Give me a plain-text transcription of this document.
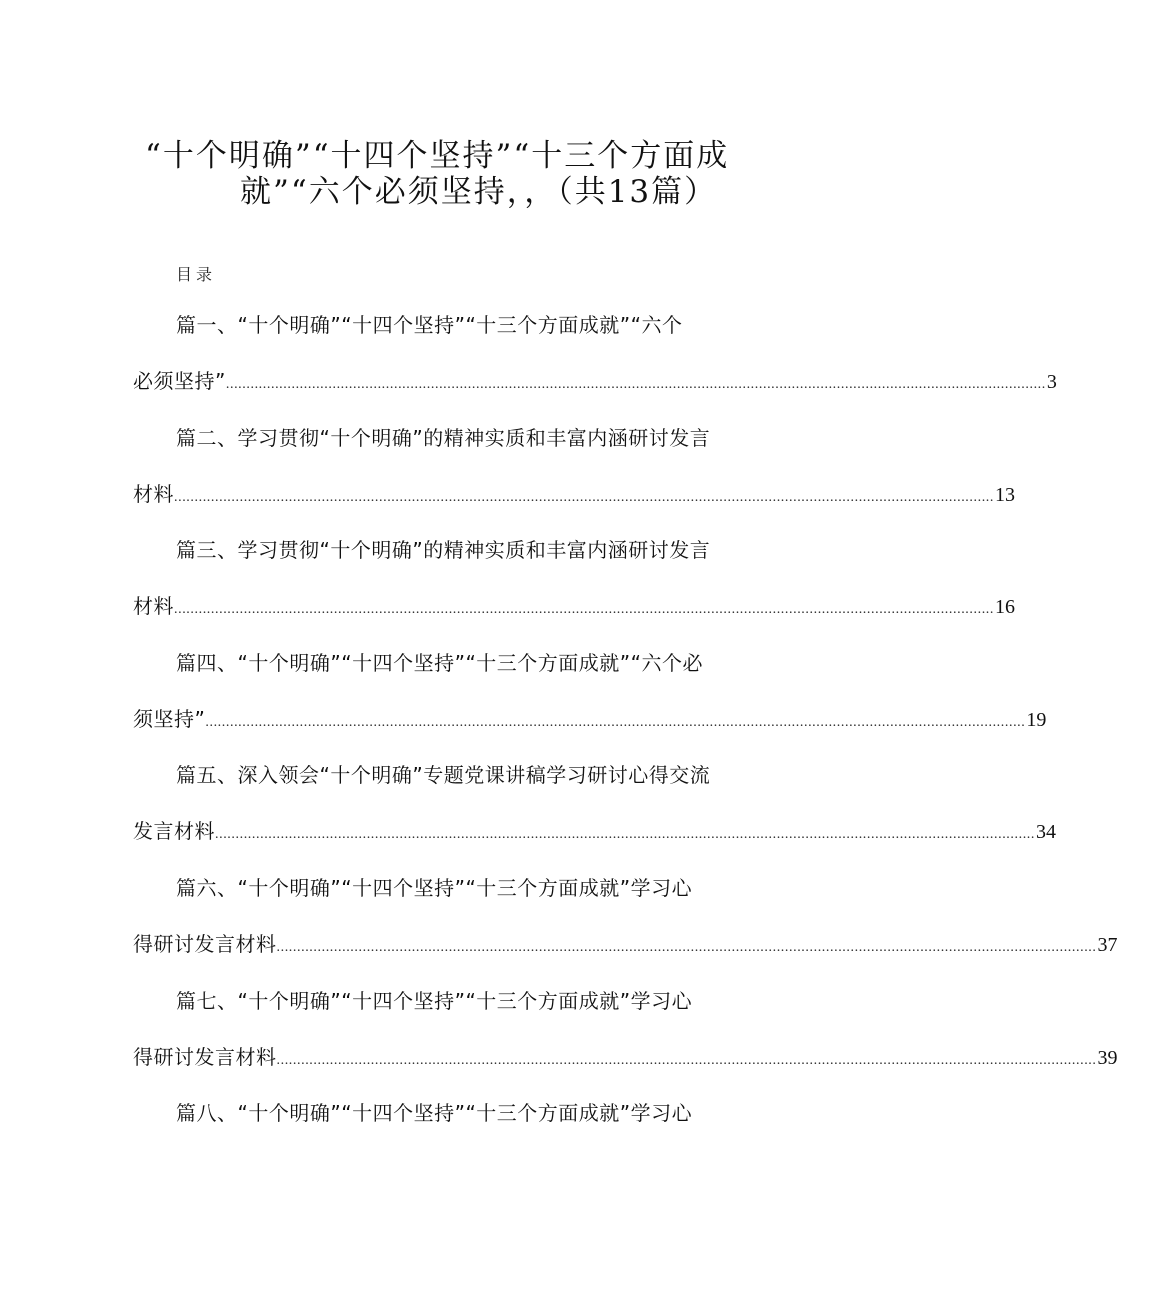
“十个明确”“十四个坚持”“十三个方面成
就”“六个必须坚持，，（共13篇）
目录
篇一、“十个明确”“十四个坚持”“十三个方面成就”“六个
必须坚持” ........................................................................................................................................................................................................ 3
篇二、学习贯彻“十个明确”的精神实质和丰富内涵研讨发言
材料 ........................................................................................................................................................................................................ 13
篇三、学习贯彻“十个明确”的精神实质和丰富内涵研讨发言
材料 ........................................................................................................................................................................................................ 16
篇四、“十个明确”“十四个坚持”“十三个方面成就”“六个必
须坚持” ........................................................................................................................................................................................................ 19
篇五、深入领会“十个明确”专题党课讲稿学习研讨心得交流
发言材料 ........................................................................................................................................................................................................ 34
篇六、“十个明确”“十四个坚持”“十三个方面成就”学习心
得研讨发言材料 ........................................................................................................................................................................................................ 37
篇七、“十个明确”“十四个坚持”“十三个方面成就”学习心
得研讨发言材料 ........................................................................................................................................................................................................ 39
篇八、“十个明确”“十四个坚持”“十三个方面成就”学习心
